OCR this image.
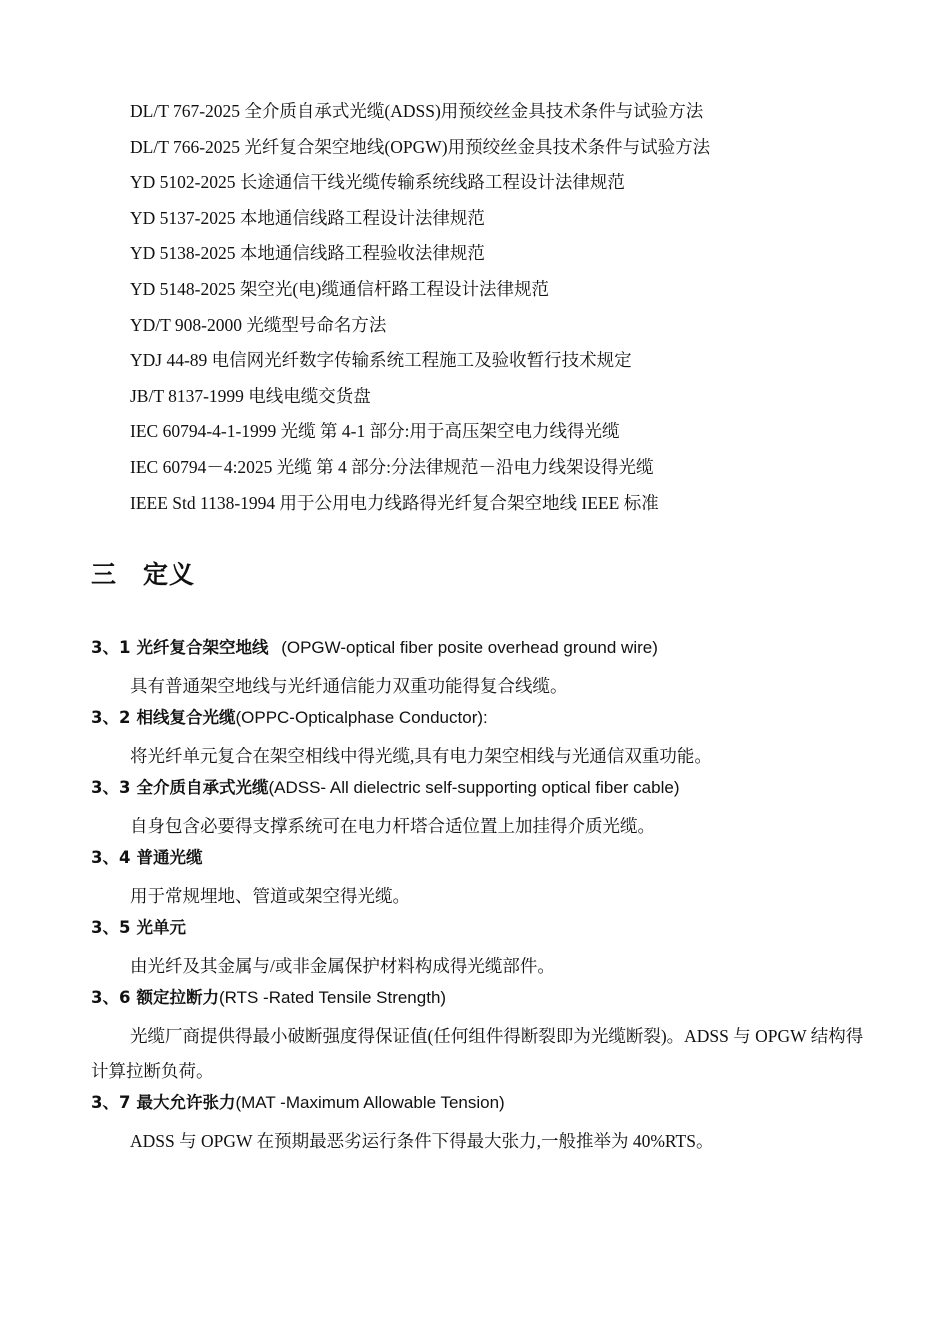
DL/T 767-2025 全介质自承式光缆(ADSS)用预绞丝金具技术条件与试验方法
DL/T 766-2025 光纤复合架空地线(OPGW)用预绞丝金具技术条件与试验方法
YD 5102-2025 长途通信干线光缆传输系统线路工程设计法律规范
YD 5137-2025 本地通信线路工程设计法律规范
YD 5138-2025 本地通信线路工程验收法律规范
YD 5148-2025 架空光(电)缆通信杆路工程设计法律规范
YD/T 908-2000 光缆型号命名方法
YDJ 44-89 电信网光纤数字传输系统工程施工及验收暂行技术规定
JB/T 8137-1999 电线电缆交货盘
IEC 60794-4-1-1999 光缆 第 4-1 部分:用于高压架空电力线得光缆
IEC 60794－4:2025 光缆 第 4 部分:分法律规范－沿电力线架设得光缆
IEEE Std 1138-1994 用于公用电力线路得光纤复合架空地线 IEEE 标准
三 定义
3、1 光纤复合架空地线 (OPGW-optical fiber posite overhead ground wire)

具有普通架空地线与光纤通信能力双重功能得复合线缆。

3、2 相线复合光缆(OPPC-Opticalphase Conductor):

将光纤单元复合在架空相线中得光缆,具有电力架空相线与光通信双重功能。

3、3 全介质自承式光缆(ADSS- All dielectric self-supporting optical fiber cable)

自身包含必要得支撑系统可在电力杆塔合适位置上加挂得介质光缆。

3、4 普通光缆

用于常规埋地、管道或架空得光缆。

3、5 光单元

由光纤及其金属与/或非金属保护材料构成得光缆部件。

3、6 额定拉断力(RTS -Rated Tensile Strength)

光缆厂商提供得最小破断强度得保证值(任何组件得断裂即为光缆断裂)。ADSS 与 OPGW 结构得计算拉断负荷。

3、7 最大允许张力(MAT -Maximum Allowable Tension)

ADSS 与 OPGW 在预期最恶劣运行条件下得最大张力,一般推举为 40%RTS。
